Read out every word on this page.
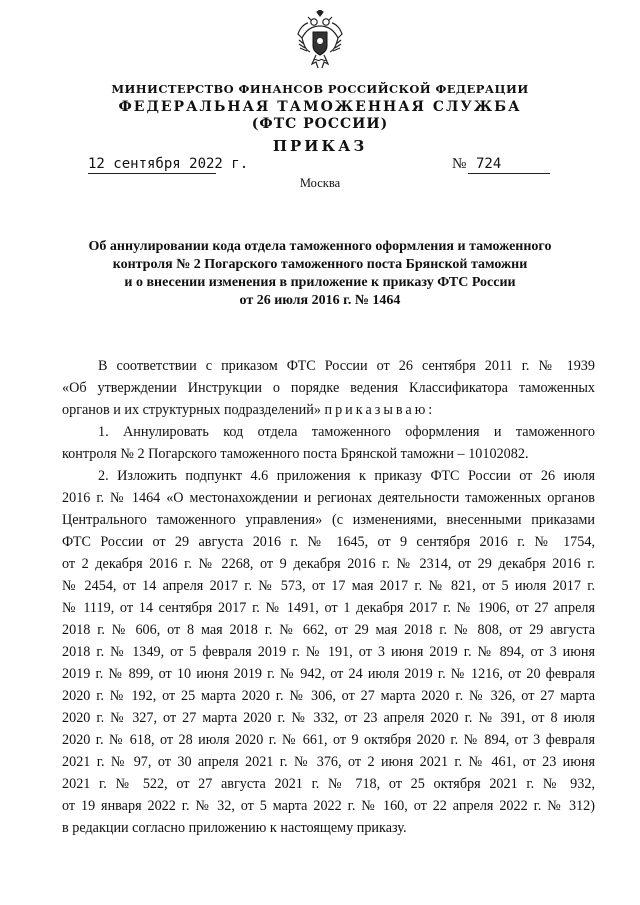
МИНИСТЕРСТВО ФИНАНСОВ РОССИЙСКОЙ ФЕДЕРАЦИИ
ФЕДЕРАЛЬНАЯ ТАМОЖЕННАЯ СЛУЖБА
(ФТС РОССИИ)
ПРИКАЗ
12 сентября 2022 г.	№ 724
Москва
Об аннулировании кода отдела таможенного оформления и таможенного
контроля № 2 Погарского таможенного поста Брянской таможни
и о внесении изменения в приложение к приказу ФТС России
от 26 июля 2016 г. № 1464
В соответствии с приказом ФТС России от 26 сентября 2011 г. № 1939
«Об утверждении Инструкции о порядке ведения Классификатора таможенных
органов и их структурных подразделений» приказываю:
1. Аннулировать код отдела таможенного оформления и таможенного
контроля № 2 Погарского таможенного поста Брянской таможни – 10102082.
2. Изложить подпункт 4.6 приложения к приказу ФТС России от 26 июля
2016 г. № 1464 «О местонахождении и регионах деятельности таможенных органов
Центрального таможенного управления» (с изменениями, внесенными приказами
ФТС России от 29 августа 2016 г. № 1645, от 9 сентября 2016 г. № 1754,
от 2 декабря 2016 г. № 2268, от 9 декабря 2016 г. № 2314, от 29 декабря 2016 г.
№ 2454, от 14 апреля 2017 г. № 573, от 17 мая 2017 г. № 821, от 5 июля 2017 г.
№ 1119, от 14 сентября 2017 г. № 1491, от 1 декабря 2017 г. № 1906, от 27 апреля
2018 г. № 606, от 8 мая 2018 г. № 662, от 29 мая 2018 г. № 808, от 29 августа
2018 г. № 1349, от 5 февраля 2019 г. № 191, от 3 июня 2019 г. № 894, от 3 июня
2019 г. № 899, от 10 июня 2019 г. № 942, от 24 июля 2019 г. № 1216, от 20 февраля
2020 г. № 192, от 25 марта 2020 г. № 306, от 27 марта 2020 г. № 326, от 27 марта
2020 г. № 327, от 27 марта 2020 г. № 332, от 23 апреля 2020 г. № 391, от 8 июля
2020 г. № 618, от 28 июля 2020 г. № 661, от 9 октября 2020 г. № 894, от 3 февраля
2021 г. № 97, от 30 апреля 2021 г. № 376, от 2 июня 2021 г. № 461, от 23 июня
2021 г. № 522, от 27 августа 2021 г. № 718, от 25 октября 2021 г. № 932,
от 19 января 2022 г. № 32, от 5 марта 2022 г. № 160, от 22 апреля 2022 г. № 312)
в редакции согласно приложению к настоящему приказу.
